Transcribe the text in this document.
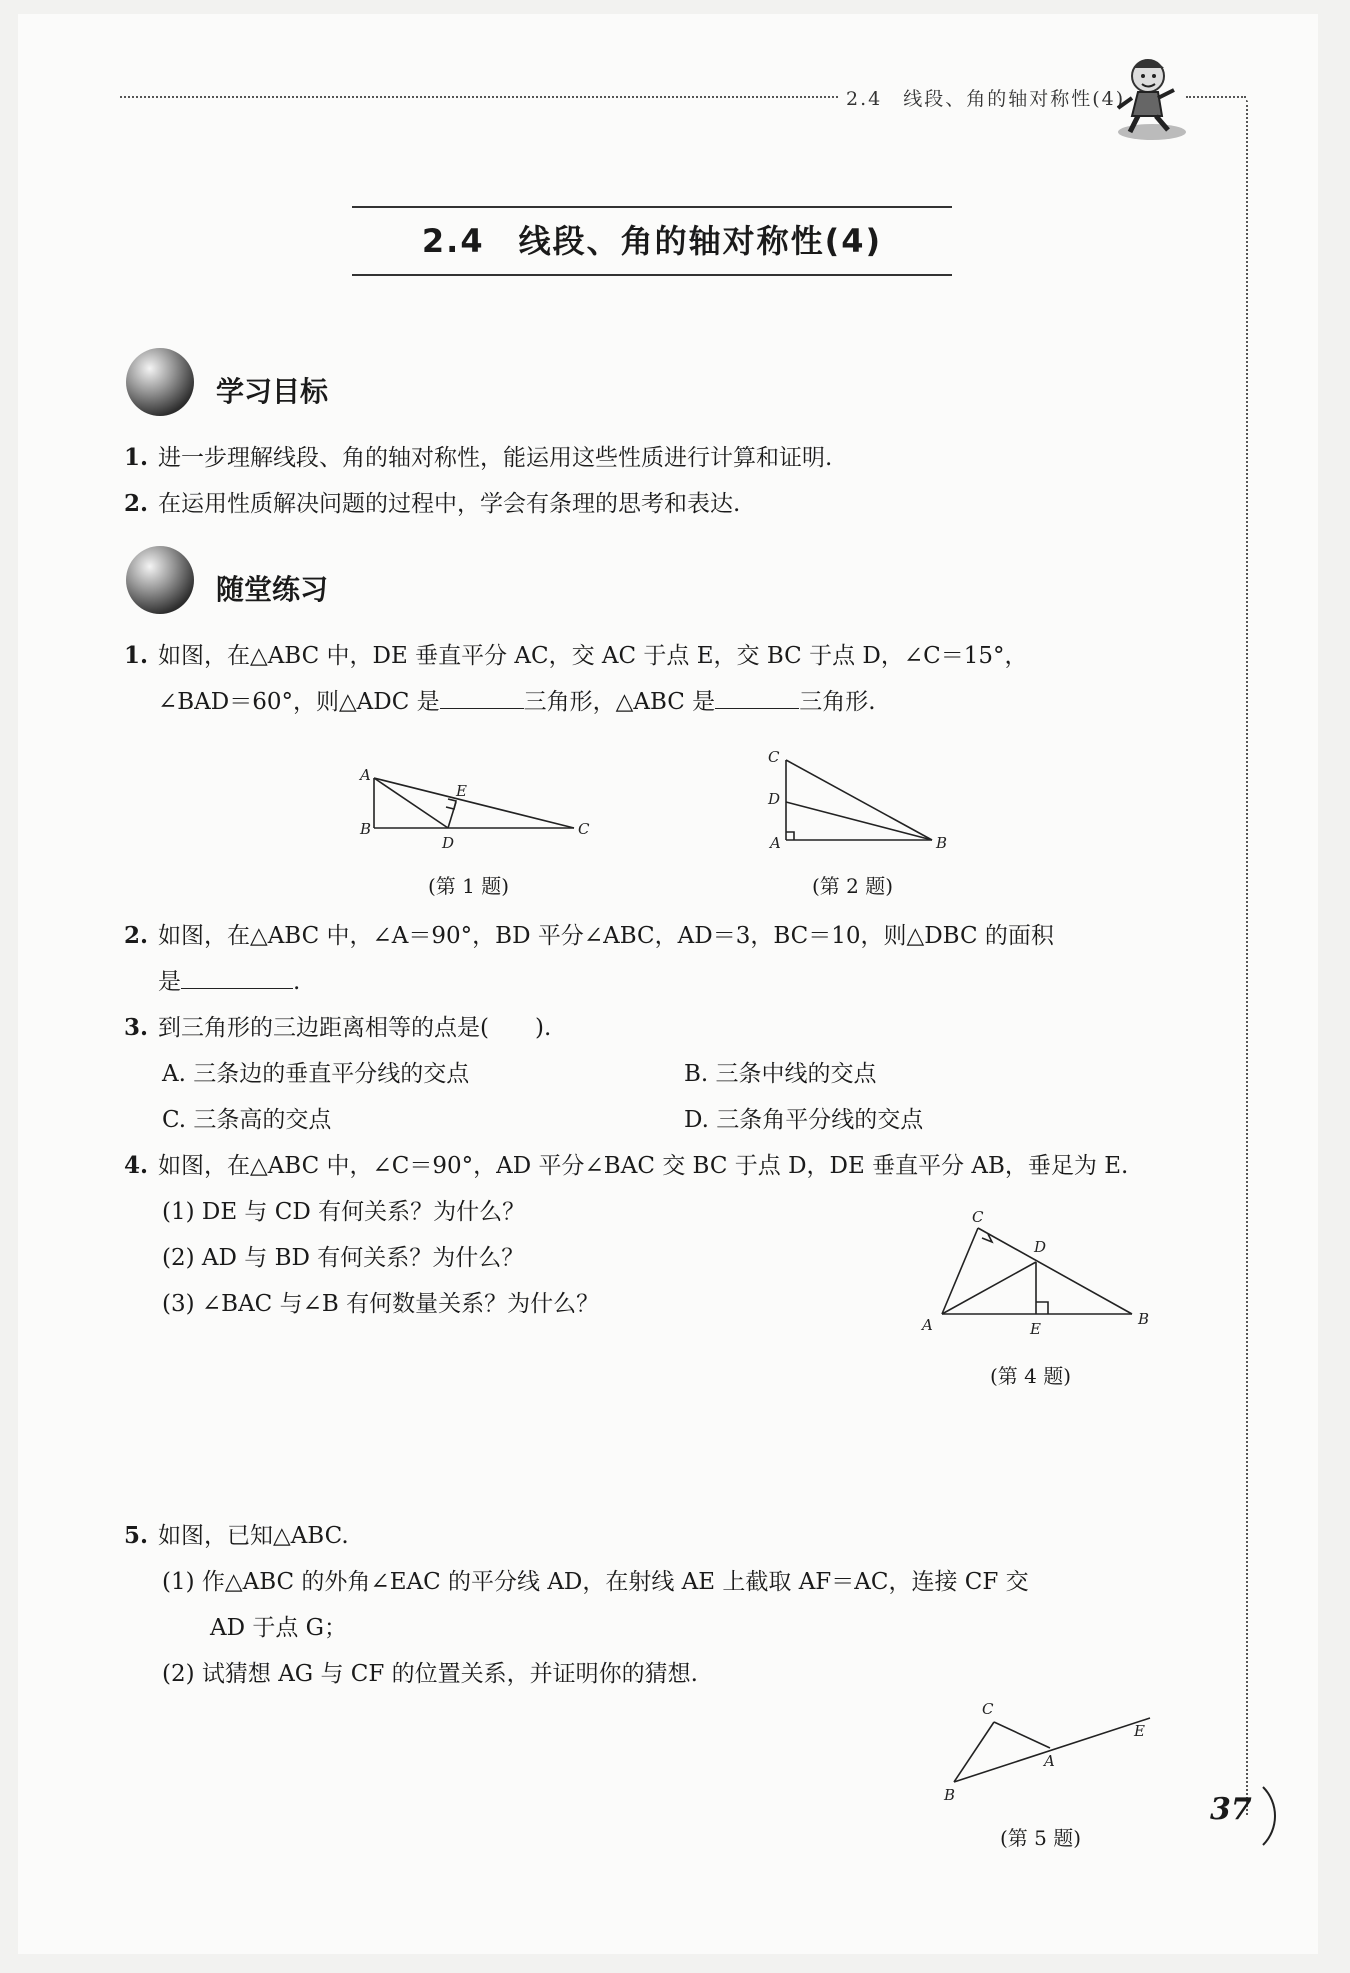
2.4　线段、角的轴对称性(4)
2.4　线段、角的轴对称性(4)
学习目标
1. 进一步理解线段、角的轴对称性，能运用这些性质进行计算和证明.
2. 在运用性质解决问题的过程中，学会有条理的思考和表达.
随堂练习
1. 如图，在△ABC 中，DE 垂直平分 AC，交 AC 于点 E，交 BC 于点 D，∠C＝15°，
∠BAD＝60°，则△ADC 是	三角形，△ABC 是	三角形.
A
B	C
D
E
(第 1 题)
C
D
A	B
(第 2 题)
2. 如图，在△ABC 中，∠A＝90°，BD 平分∠ABC，AD＝3，BC＝10，则△DBC 的面积
是	.
3. 到三角形的三边距离相等的点是(　　).
A. 三条边的垂直平分线的交点	B. 三条中线的交点
C. 三条高的交点	D. 三条角平分线的交点
4. 如图，在△ABC 中，∠C＝90°，AD 平分∠BAC 交 BC 于点 D，DE 垂直平分 AB，垂足为 E.
(1) DE 与 CD 有何关系？为什么？
(2) AD 与 BD 有何关系？为什么？
(3) ∠BAC 与∠B 有何数量关系？为什么？
C
D
A	E
B
(第 4 题)
5. 如图，已知△ABC.
(1) 作△ABC 的外角∠EAC 的平分线 AD，在射线 AE 上截取 AF＝AC，连接 CF 交
AD 于点 G；
(2) 试猜想 AG 与 CF 的位置关系，并证明你的猜想.
C
A
E
B
(第 5 题)
37
